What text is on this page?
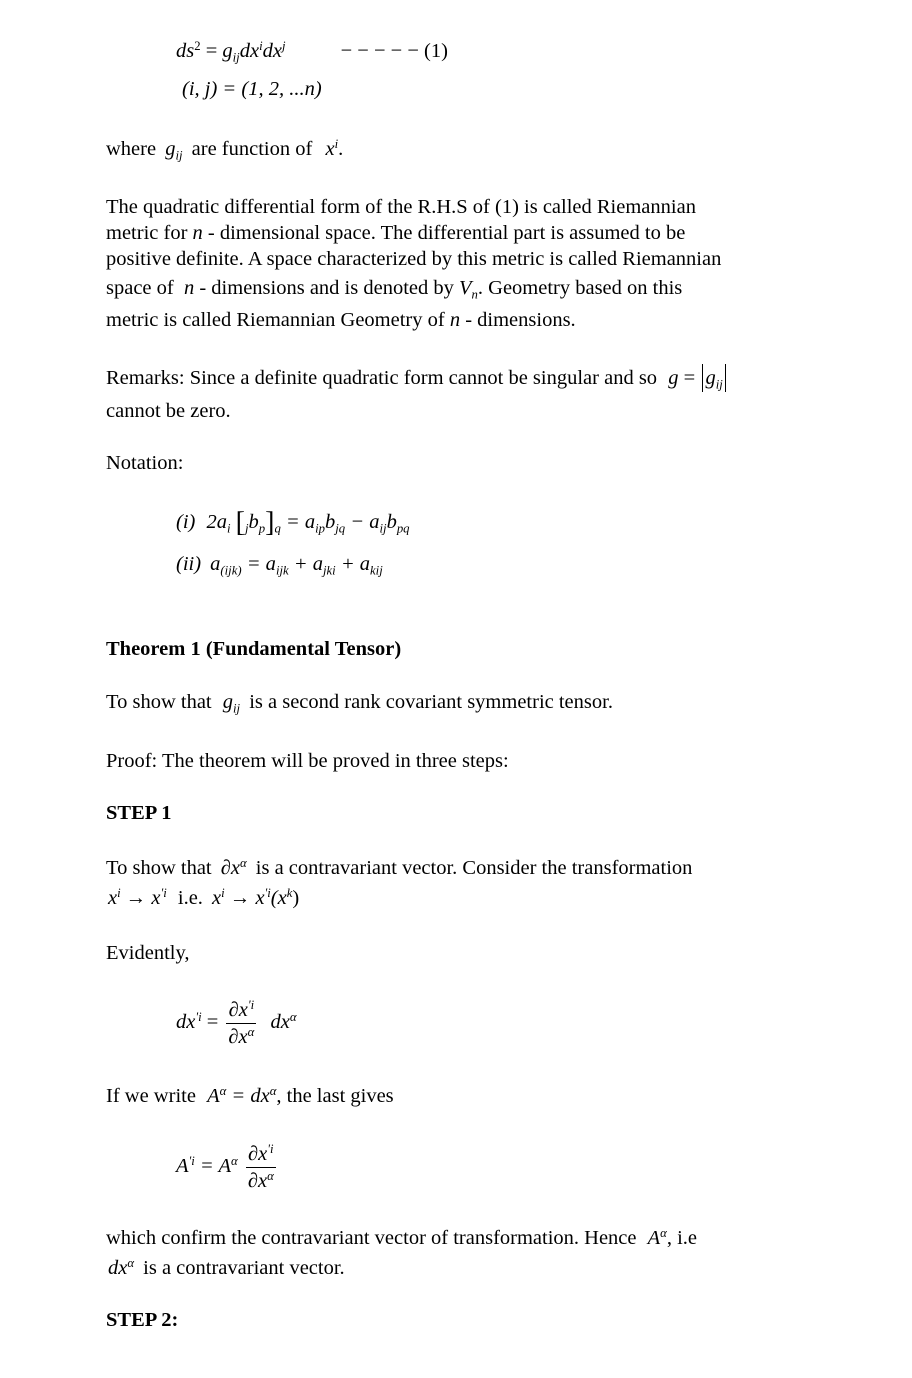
$ds^2 = g_{ij}dx^idx^j$	− − − − − (1)
(i, j) = (1, 2, ...n)
where $g_{ij}$ are function of $x^i$.
The quadratic differential form of the R.H.S of (1) is called Riemannian
metric for n - dimensional space. The differential part is assumed to be
positive definite. A space characterized by this metric is called Riemannian
space of n - dimensions and is denoted by $V_n$. Geometry based on this
metric is called Riemannian Geometry of n - dimensions.
Remarks: Since a definite quadratic form cannot be singular and so $g = g_{ij}$
cannot be zero.
Notation:
(i) $2a_i$ $[_jb_p]_q = a_{ip}b_{jq} - a_{ij}b_{pq}$
(ii) $a_{(ijk)} = a_{ijk} + a_{jki} + a_{kij}$
Theorem 1 (Fundamental Tensor)
To show that $g_{ij}$ is a second rank covariant symmetric tensor.
Proof: The theorem will be proved in three steps:
STEP 1
To show that $\partial x^\alpha$ is a contravariant vector. Consider the transformation
$x^i \to x^{'i}$ i.e. $x^i \to x^{'i}(x^k)$
Evidently,
$dx^{'i} = \frac{\partial x^{'i}}{\partial x^\alpha} dx^\alpha$
If we write $A^\alpha = dx^\alpha$, the last gives
$A^{'i} = A^\alpha \frac{\partial x^{'i}}{\partial x^\alpha}$
which confirm the contravariant vector of transformation. Hence $A^\alpha$, i.e
$dx^\alpha$ is a contravariant vector.
STEP 2:
